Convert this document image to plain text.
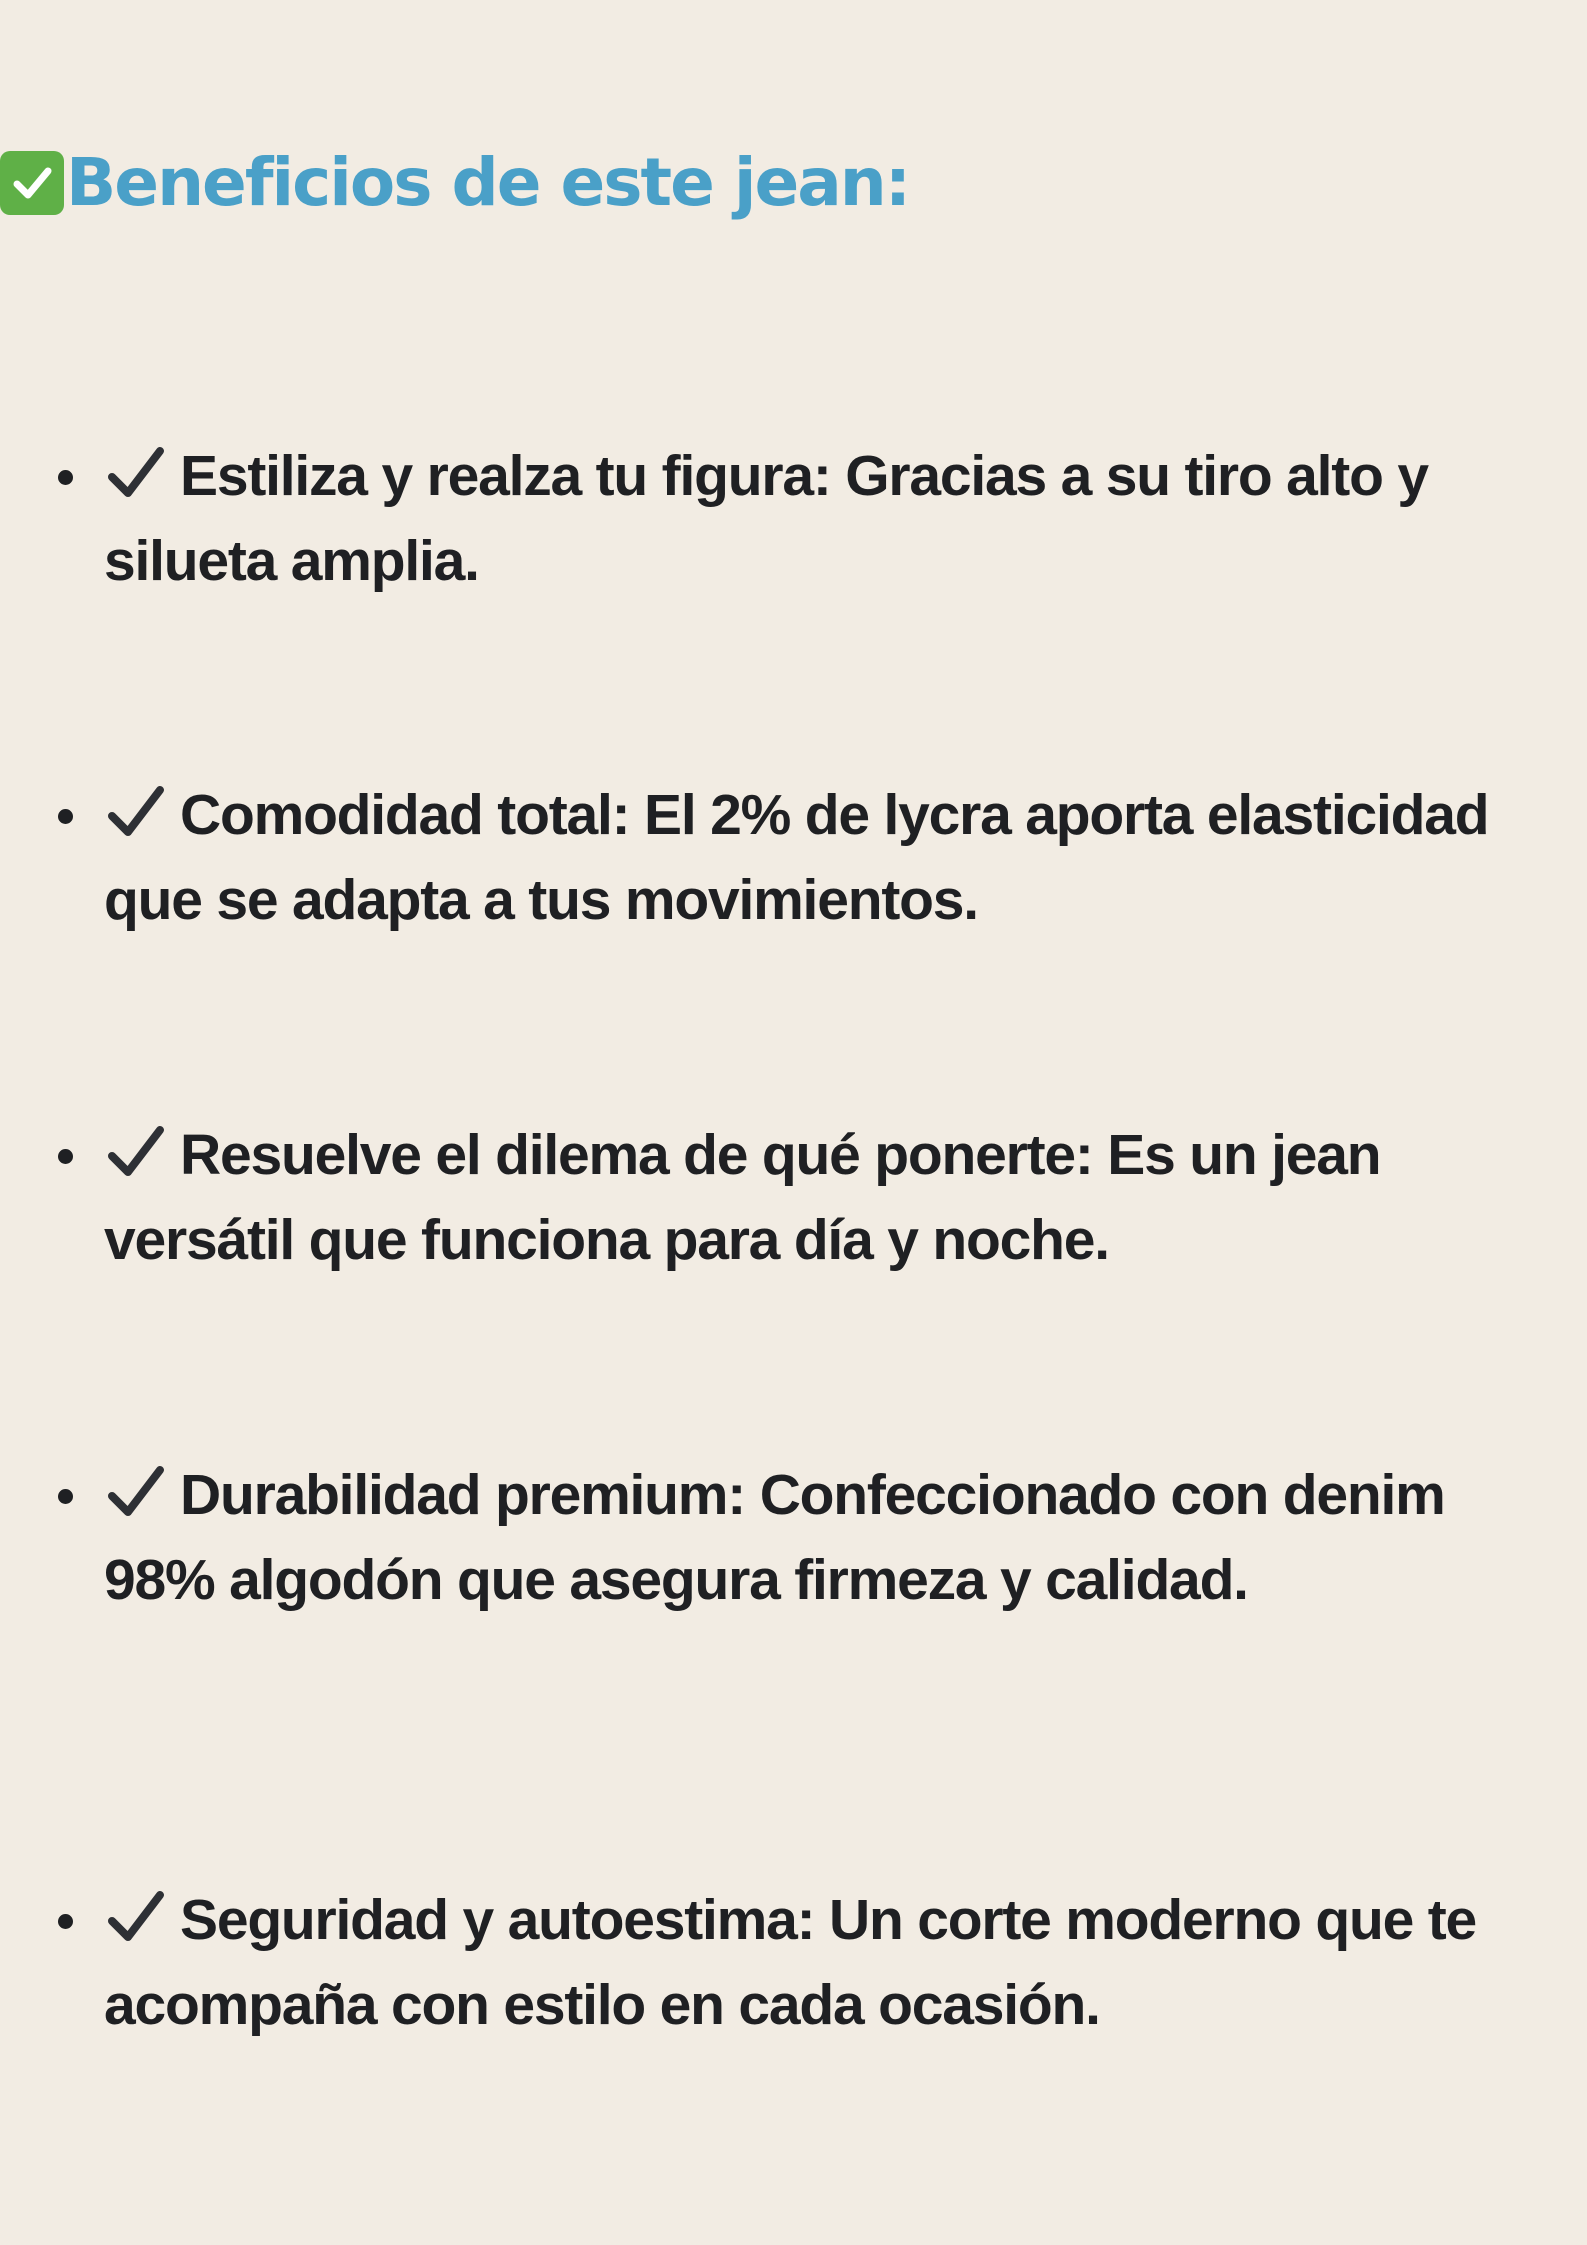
Beneficios de este jean:
Estiliza y realza tu figura: Gracias a su tiro alto y silueta amplia.
Comodidad total: El 2% de lycra aporta elasticidad que se adapta a tus movimientos.
Resuelve el dilema de qué ponerte: Es un jean versátil que funciona para día y noche.
Durabilidad premium: Confeccionado con denim 98% algodón que asegura firmeza y calidad.
Seguridad y autoestima: Un corte moderno que te acompaña con estilo en cada ocasión.
